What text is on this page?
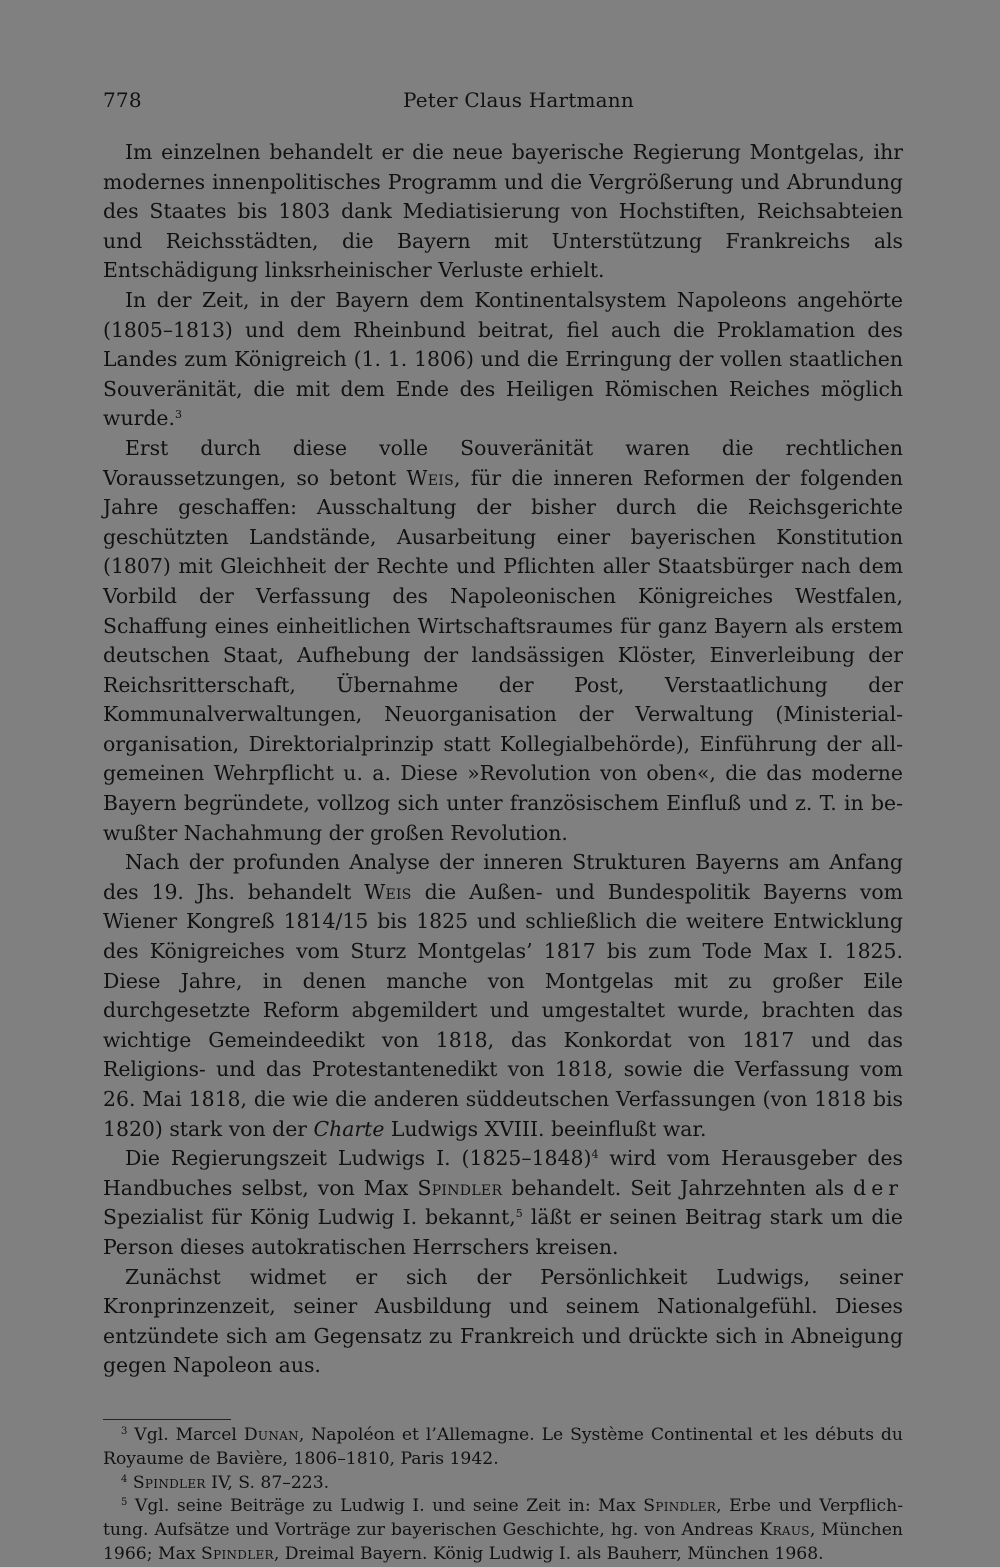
778	Peter Claus Hartmann

Im einzelnen behandelt er die neue bayerische Regierung Montgelas, ihr modernes innenpolitisches Programm und die Vergrößerung und Abrundung des Staates bis 1803 dank Mediatisierung von Hochstiften, Reichsabteien und Reichsstädten, die Bayern mit Unterstützung Frankreichs als Entschädigung linksrheinischer Verluste erhielt.

In der Zeit, in der Bayern dem Kontinentalsystem Napoleons angehörte (1805–1813) und dem Rheinbund beitrat, fiel auch die Proklamation des Landes zum Königreich (1. 1. 1806) und die Erringung der vollen staatlichen Souveränität, die mit dem Ende des Heiligen Römischen Reiches möglich wurde.$^3$

Erst durch diese volle Souveränität waren die rechtlichen Voraussetzungen, so betont Weis, für die inneren Reformen der folgenden Jahre geschaffen: Ausschaltung der bisher durch die Reichsgerichte geschützten Landstände, Ausarbeitung einer bayerischen Konstitution (1807) mit Gleichheit der Rechte und Pflichten aller Staatsbürger nach dem Vorbild der Verfassung des Napoleonischen Königreiches Westfalen, Schaffung eines einheitlichen Wirtschaftsraumes für ganz Bayern als erstem deutschen Staat, Aufhebung der landsässigen Klöster, Einverleibung der Reichsritterschaft, Übernahme der Post, Verstaatlichung der Kommunalverwaltungen, Neuorganisation der Verwaltung (Ministerialorganisation, Direktorialprinzip statt Kollegialbehörde), Einführung der allgemeinen Wehrpflicht u. a. Diese »Revolution von oben«, die das moderne Bayern begründete, vollzog sich unter französischem Einfluß und z. T. in bewußter Nachahmung der großen Revolution.

Nach der profunden Analyse der inneren Strukturen Bayerns am Anfang des 19. Jhs. behandelt Weis die Außen- und Bundespolitik Bayerns vom Wiener Kongreß 1814/15 bis 1825 und schließlich die weitere Entwicklung des Königreiches vom Sturz Montgelas’ 1817 bis zum Tode Max I. 1825. Diese Jahre, in denen manche von Montgelas mit zu großer Eile durchgesetzte Reform abgemildert und umgestaltet wurde, brachten das wichtige Gemeindeedikt von 1818, das Konkordat von 1817 und das Religions- und das Protestantenedikt von 1818, sowie die Verfassung vom 26. Mai 1818, die wie die anderen süddeutschen Verfassungen (von 1818 bis 1820) stark von der Charte Ludwigs XVIII. beeinflußt war.

Die Regierungszeit Ludwigs I. (1825–1848)$^4$ wird vom Herausgeber des Handbuches selbst, von Max Spindler behandelt. Seit Jahrzehnten als der Spezialist für König Ludwig I. bekannt,$^5$ läßt er seinen Beitrag stark um die Person dieses autokratischen Herrschers kreisen.

Zunächst widmet er sich der Persönlichkeit Ludwigs, seiner Kronprinzenzeit, seiner Ausbildung und seinem Nationalgefühl. Dieses entzündete sich am Gegensatz zu Frankreich und drückte sich in Abneigung gegen Napoleon aus.

$^3$ Vgl. Marcel Dunan, Napoléon et l’Allemagne. Le Système Continental et les débuts du Royaume de Bavière, 1806–1810, Paris 1942.

$^4$ Spindler IV, S. 87–223.

$^5$ Vgl. seine Beiträge zu Ludwig I. und seine Zeit in: Max Spindler, Erbe und Verpflichtung. Aufsätze und Vorträge zur bayerischen Geschichte, hg. von Andreas Kraus, München 1966; Max Spindler, Dreimal Bayern. König Ludwig I. als Bauherr, München 1968.
